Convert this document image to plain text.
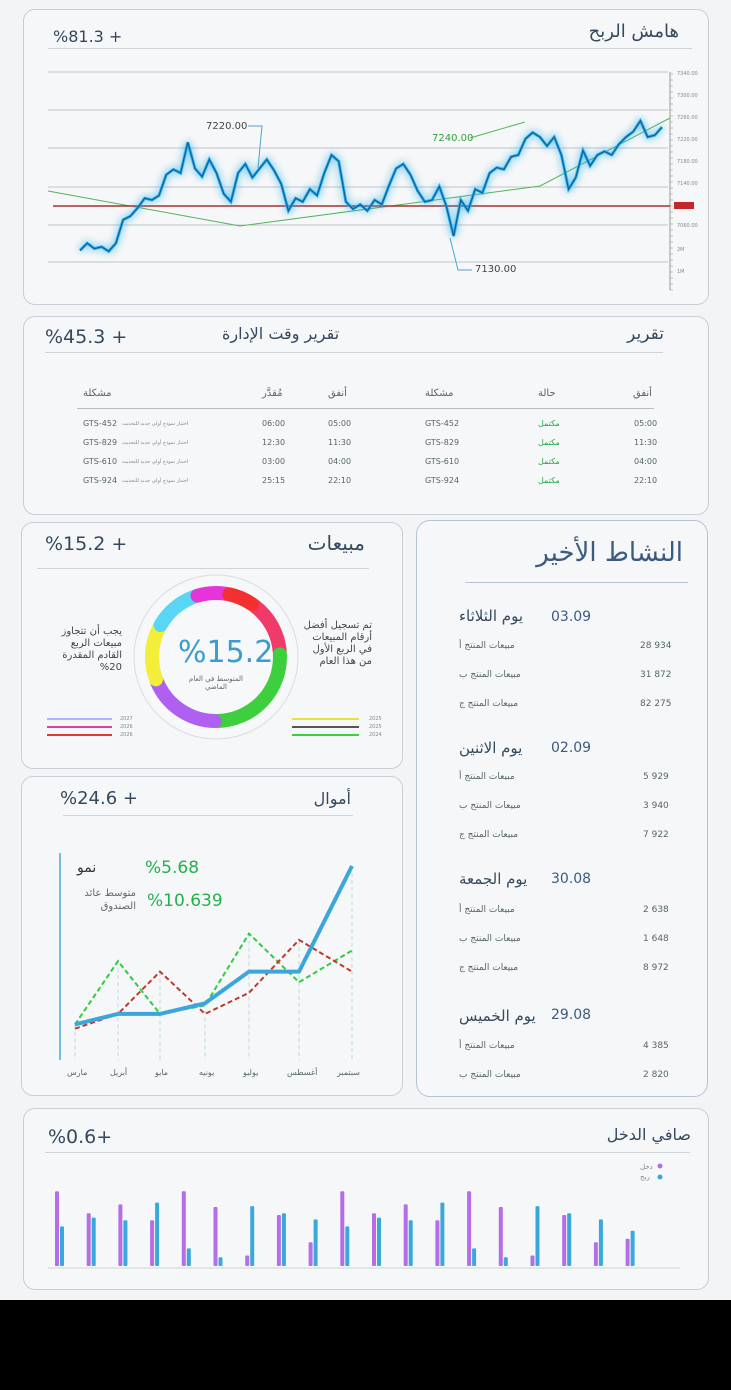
هامش الربح
%81.3 +
7220.00
7240.00
7130.00
7340.00
7300.00
7260.00
7220.00
7180.00
7140.00
7060.00
2M
1M
تقرير
تقرير وقت الإدارة
%45.3 +
مشكلة	مُقدَّر	أنفق	مشكلة	حالة	أنفق
GTS-452 اختبار نموذج أولي جديد للتحديث	06:00	05:00	GTS-452	مكتمل	05:00
GTS-829 اختبار نموذج أولي جديد للتحديث	12:30	11:30	GTS-829	مكتمل	11:30
GTS-610 اختبار نموذج أولي جديد للتحديث	03:00	04:00	GTS-610	مكتمل	04:00
GTS-924 اختبار نموذج أولي جديد للتحديث	25:15	22:10	GTS-924	مكتمل	22:10
مبيعات
%15.2 +
%15.2
المتوسط في العام الماضي
تم تسجيل أفضل أرقام المبيعات في الربع الأول من هذا العام
يجب أن تتجاوز مبيعات الربع القادم المقدرة 20%
2027
2026
2026
2025
2025
2024
أموال
%24.6 +
نمو	%5.68
متوسط عائد الصندوق %10.639
مارس	أبريل	مايو	يونيه	يوليو	أغسطس سبتمبر
النشاط الأخير
يوم الثلاثاء 03.09
مبيعات المنتج أ	28 934
مبيعات المنتج ب	31 872
مبيعات المنتج ج	82 275
يوم الاثنين 02.09
مبيعات المنتج أ	5 929
مبيعات المنتج ب	3 940
مبيعات المنتج ج	7 922
يوم الجمعة 30.08
مبيعات المنتج أ	2 638
مبيعات المنتج ب	1 648
مبيعات المنتج ج	8 972
يوم الخميس 29.08
مبيعات المنتج أ	4 385
مبيعات المنتج ب	2 820
صافي الدخل
%0.6+
دخل
ربح
